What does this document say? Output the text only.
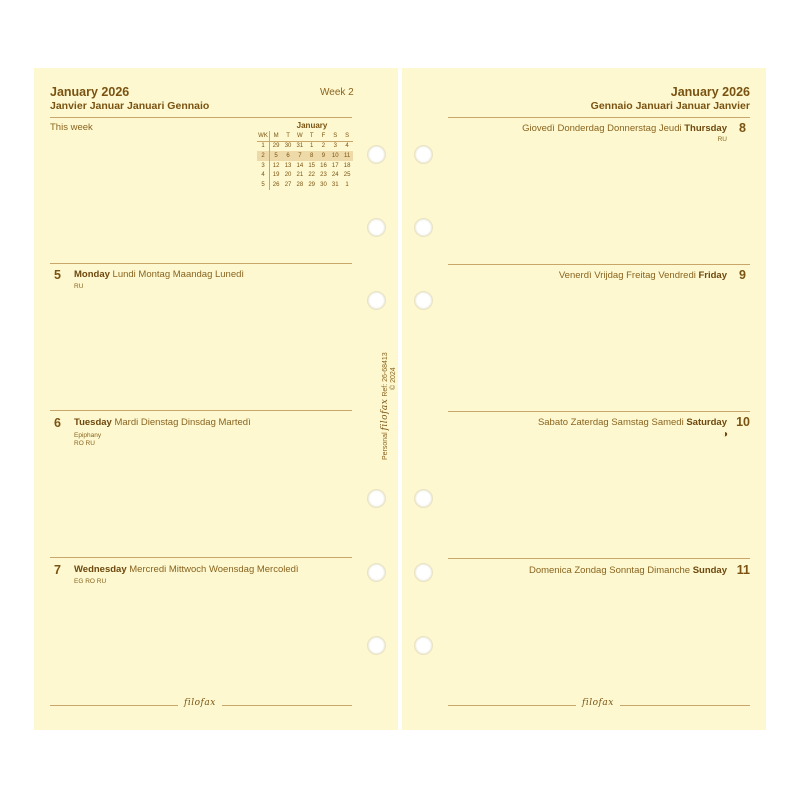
January 2026
Janvier Januar Januari Gennaio
Week 2
This week	January
WK	M	T	W	T	F	S	S
1	29	30	31	1	2	3	4
2	5	6	7	8	9	10	11
3	12	13	14	15	16	17	18
4	19	20	21	22	23	24	25
5	26	27	28	29	30	31	1
5 Monday Lundi Montag Maandag Lunedì
RU
6 Tuesday Mardi Dienstag Dinsdag Martedì
Epiphany
RO RU
7 Wednesday Mercredi Mittwoch Woensdag Mercoledì
EG RO RU
filofax
January 2026
Gennaio Januari Januar Janvier
8
Giovedì Donderdag Donnerstag Jeudi Thursday
RU
9
Venerdì Vrijdag Freitag Vendredi Friday
10
Sabato Zaterdag Samstag Samedi Saturday
◑
11
Domenica Zondag Sonntag Dimanche Sunday
filofax
Personal filofax Ref: 26-68413 © 2024
